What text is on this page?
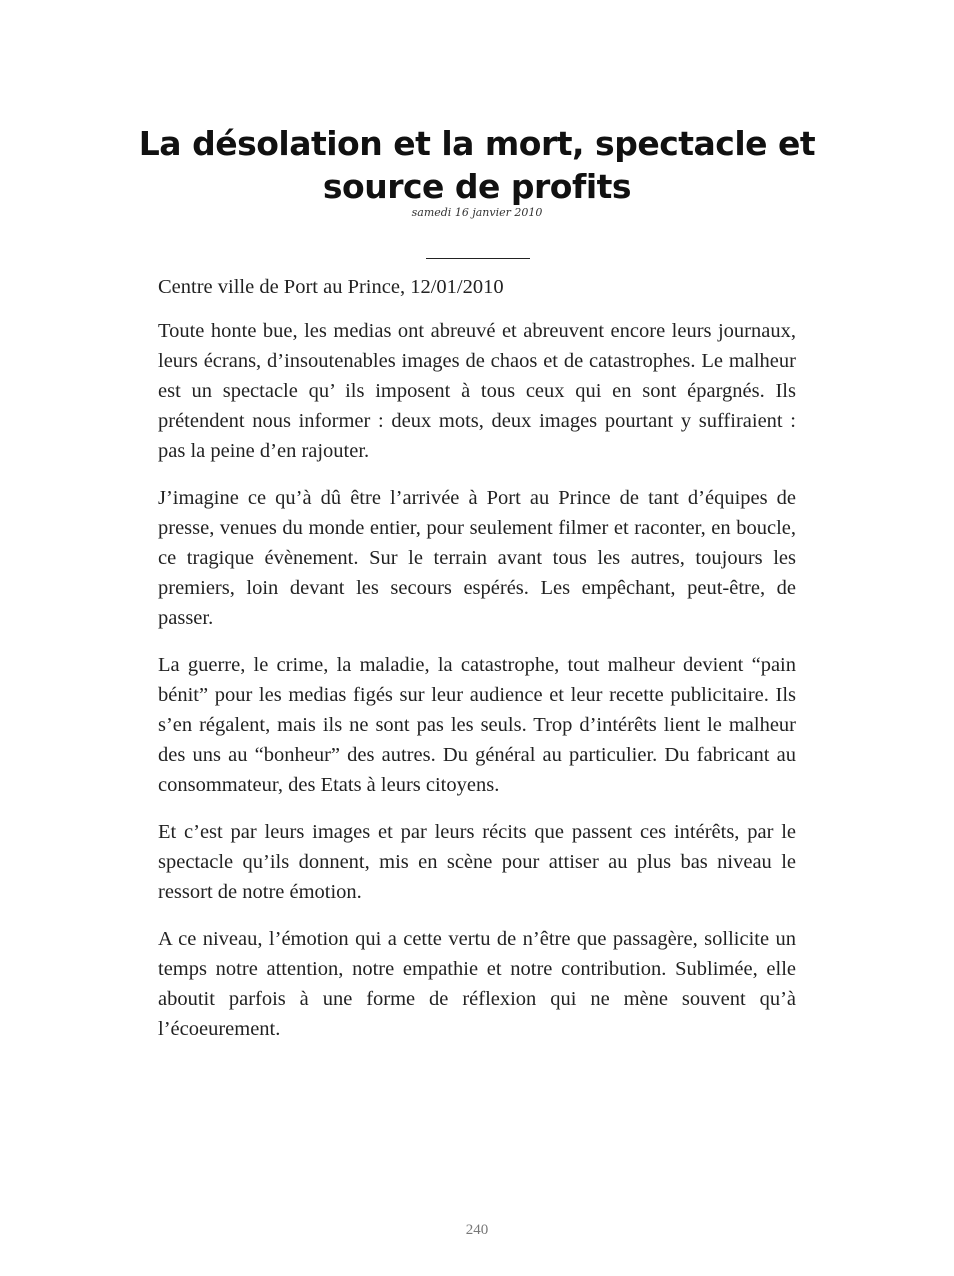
La désolation et la mort, spectacle et source de profits
samedi 16 janvier 2010
Centre ville de Port au Prince, 12/01/2010

Toute honte bue, les medias ont abreuvé et abreuvent encore leurs journaux, leurs écrans, d’insoutenables images de chaos et de catastrophes. Le malheur est un spectacle qu’ ils imposent à tous ceux qui en sont épargnés. Ils prétendent nous informer : deux mots, deux images pourtant y suffiraient : pas la peine d’en rajouter.

J’imagine ce qu’à dû être l’arrivée à Port au Prince de tant d’équipes de presse, venues du monde entier, pour seulement filmer et raconter, en boucle, ce tragique évènement. Sur le terrain avant tous les autres, toujours les premiers, loin devant les secours espérés. Les empêchant, peut-être, de passer.

La guerre, le crime, la maladie, la catastrophe, tout malheur devient “pain bénit” pour les medias figés sur leur audience et leur recette publicitaire. Ils s’en régalent, mais ils ne sont pas les seuls. Trop d’intérêts lient le malheur des uns au “bonheur” des autres. Du général au particulier. Du fabricant au consommateur, des Etats à leurs citoyens.

Et c’est par leurs images et par leurs récits que passent ces intérêts, par le spectacle qu’ils donnent, mis en scène pour attiser au plus bas niveau le ressort de notre émotion.

A ce niveau, l’émotion qui a cette vertu de n’être que passagère, sollicite un temps notre attention, notre empathie et notre contribution. Sublimée, elle aboutit parfois à une forme de réflexion qui ne mène souvent qu’à l’écoeurement.

240
